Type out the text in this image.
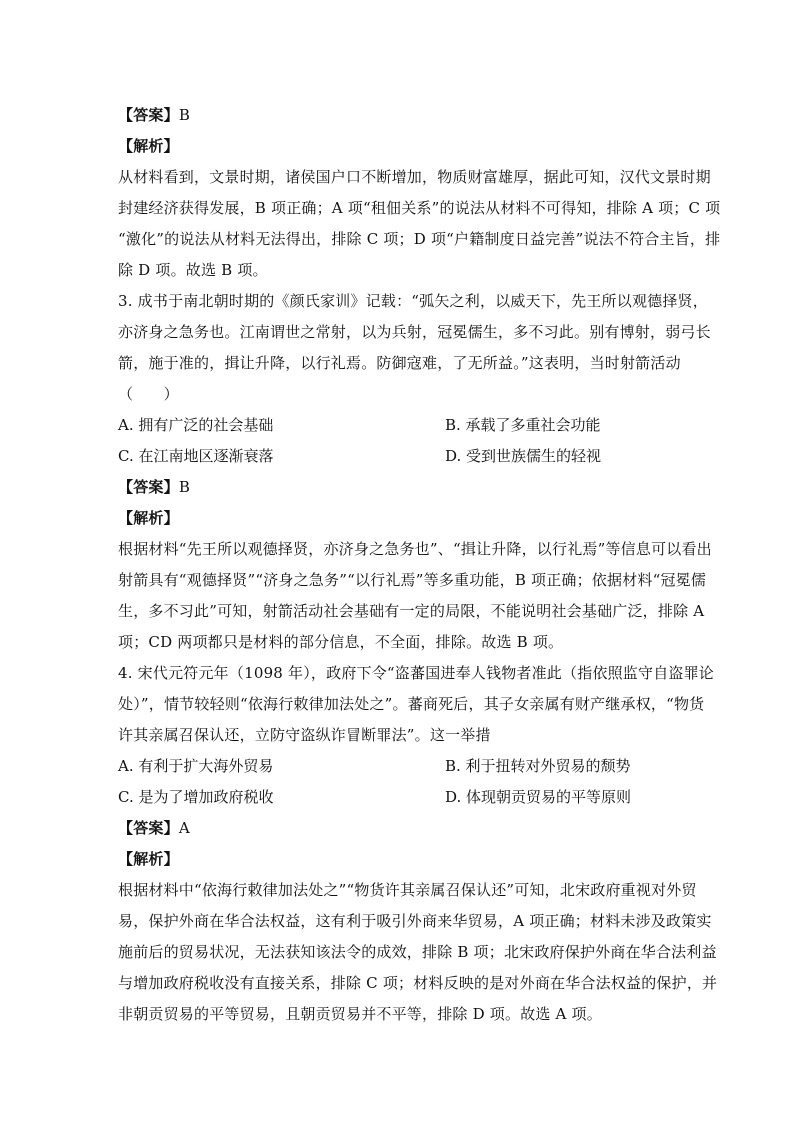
【答案】B
【解析】
从材料看到，文景时期，诸侯国户口不断增加，物质财富雄厚，据此可知，汉代文景时期
封建经济获得发展，B 项正确；A 项“租佃关系”的说法从材料不可得知，排除 A 项；C 项
“激化”的说法从材料无法得出，排除 C 项；D 项“户籍制度日益完善”说法不符合主旨，排
除 D 项。故选 B 项。
3. 成书于南北朝时期的《颜氏家训》记载：“弧矢之利，以威天下，先王所以观德择贤，
亦济身之急务也。江南谓世之常射，以为兵射，冠冕儒生，多不习此。别有博射，弱弓长
箭，施于准的，揖让升降，以行礼焉。防御寇难，了无所益。”这表明，当时射箭活动
（　　）
A. 拥有广泛的社会基础	B. 承载了多重社会功能
C. 在江南地区逐渐衰落	D. 受到世族儒生的轻视
【答案】B
【解析】
根据材料“先王所以观德择贤，亦济身之急务也”、“揖让升降，以行礼焉”等信息可以看出
射箭具有“观德择贤”“济身之急务”“以行礼焉”等多重功能，B 项正确；依据材料“冠冕儒
生，多不习此”可知，射箭活动社会基础有一定的局限，不能说明社会基础广泛，排除 A
项；CD 两项都只是材料的部分信息，不全面，排除。故选 B 项。
4. 宋代元符元年（1098 年），政府下令“盗蕃国进奉人钱物者准此（指依照监守自盗罪论
处）”，情节较轻则“依海行敕律加法处之”。蕃商死后，其子女亲属有财产继承权，“物货
许其亲属召保认还，立防守盗纵诈冒断罪法”。这一举措
A. 有利于扩大海外贸易	B. 利于扭转对外贸易的颓势
C. 是为了增加政府税收	D. 体现朝贡贸易的平等原则
【答案】A
【解析】
根据材料中“依海行敕律加法处之”“物货许其亲属召保认还”可知，北宋政府重视对外贸
易，保护外商在华合法权益，这有利于吸引外商来华贸易，A 项正确；材料未涉及政策实
施前后的贸易状况，无法获知该法令的成效，排除 B 项；北宋政府保护外商在华合法利益
与增加政府税收没有直接关系，排除 C 项；材料反映的是对外商在华合法权益的保护，并
非朝贡贸易的平等贸易，且朝贡贸易并不平等，排除 D 项。故选 A 项。
